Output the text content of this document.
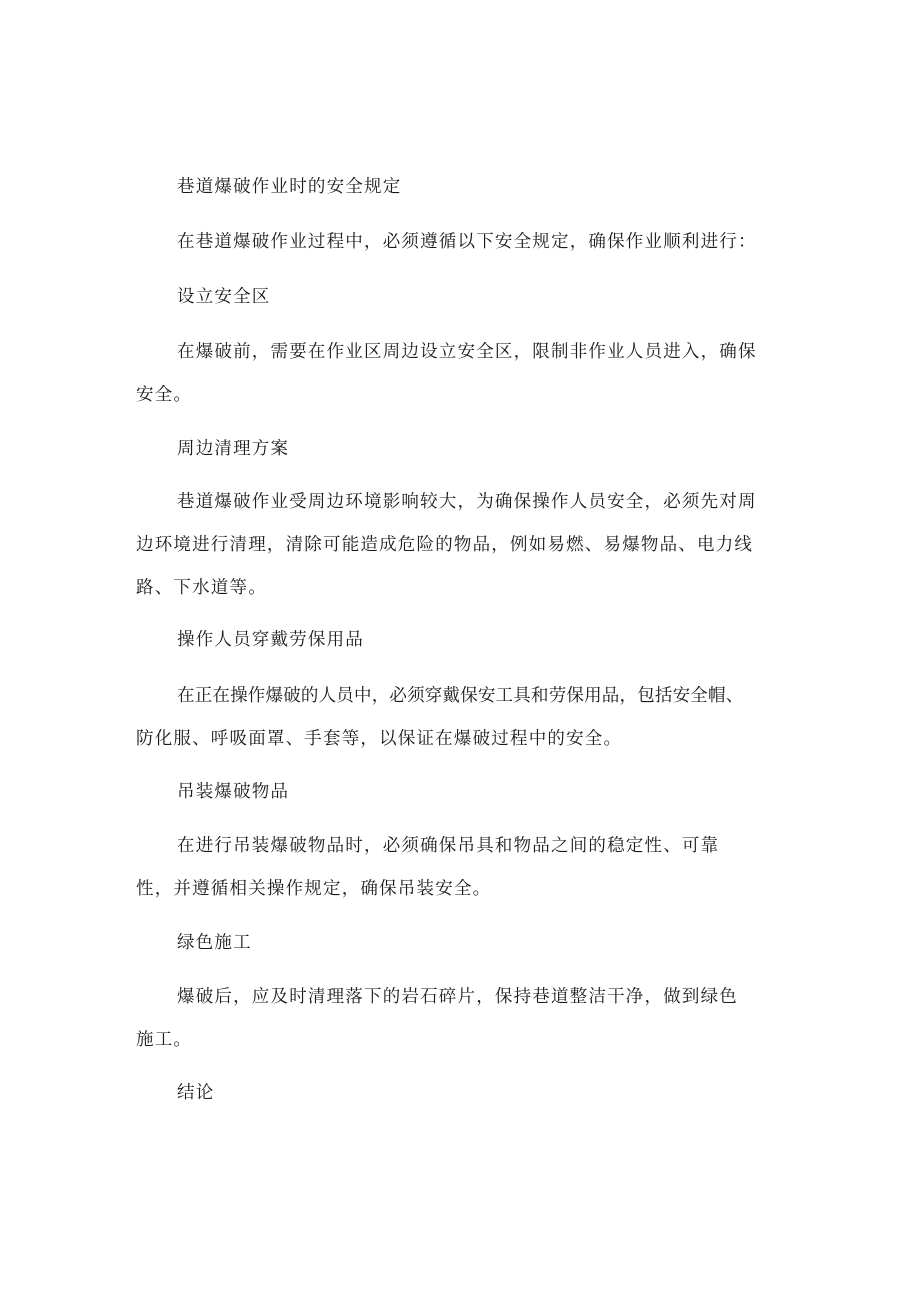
巷道爆破作业时的安全规定
在巷道爆破作业过程中，必须遵循以下安全规定，确保作业顺利进行：
设立安全区
在爆破前，需要在作业区周边设立安全区，限制非作业人员进入，确保
安全。
周边清理方案
巷道爆破作业受周边环境影响较大，为确保操作人员安全，必须先对周
边环境进行清理，清除可能造成危险的物品，例如易燃、易爆物品、电力线
路、下水道等。
操作人员穿戴劳保用品
在正在操作爆破的人员中，必须穿戴保安工具和劳保用品，包括安全帽、
防化服、呼吸面罩、手套等，以保证在爆破过程中的安全。
吊装爆破物品
在进行吊装爆破物品时，必须确保吊具和物品之间的稳定性、可靠
性，并遵循相关操作规定，确保吊装安全。
绿色施工
爆破后，应及时清理落下的岩石碎片，保持巷道整洁干净，做到绿色
施工。
结论
